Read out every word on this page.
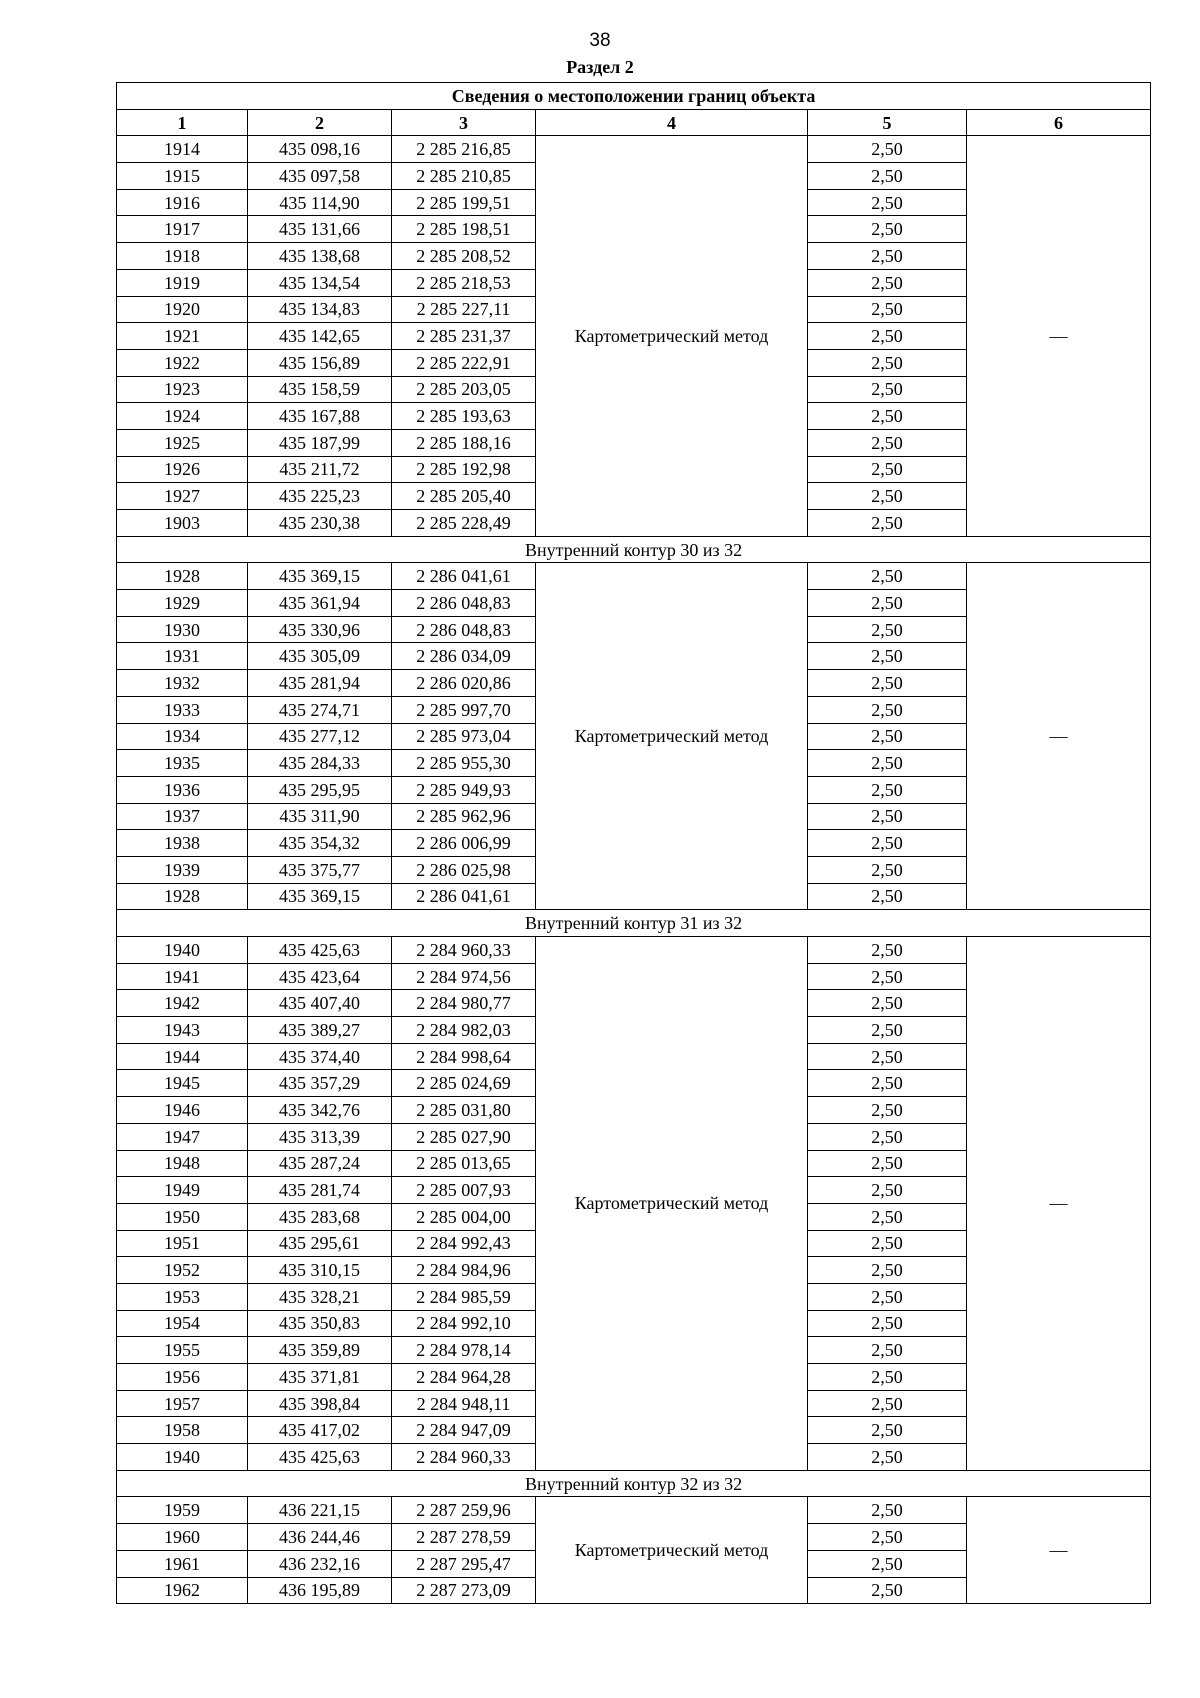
38
Раздел 2
Сведения о местоположении границ объекта					
1	2	3	4	5	6
1914	435 098,16	2 285 216,85	Картометрический метод	2,50	—
1915	435 097,58	2 285 210,85		2,50	
1916	435 114,90	2 285 199,51		2,50	
1917	435 131,66	2 285 198,51		2,50	
1918	435 138,68	2 285 208,52		2,50	
1919	435 134,54	2 285 218,53		2,50	
1920	435 134,83	2 285 227,11		2,50	
1921	435 142,65	2 285 231,37		2,50	
1922	435 156,89	2 285 222,91		2,50	
1923	435 158,59	2 285 203,05		2,50	
1924	435 167,88	2 285 193,63		2,50	
1925	435 187,99	2 285 188,16		2,50	
1926	435 211,72	2 285 192,98		2,50	
1927	435 225,23	2 285 205,40		2,50	
1903	435 230,38	2 285 228,49		2,50	
Внутренний контур 30 из 32					
1928	435 369,15	2 286 041,61	Картометрический метод	2,50	—
1929	435 361,94	2 286 048,83		2,50	
1930	435 330,96	2 286 048,83		2,50	
1931	435 305,09	2 286 034,09		2,50	
1932	435 281,94	2 286 020,86		2,50	
1933	435 274,71	2 285 997,70		2,50	
1934	435 277,12	2 285 973,04		2,50	
1935	435 284,33	2 285 955,30		2,50	
1936	435 295,95	2 285 949,93		2,50	
1937	435 311,90	2 285 962,96		2,50	
1938	435 354,32	2 286 006,99		2,50	
1939	435 375,77	2 286 025,98		2,50	
1928	435 369,15	2 286 041,61		2,50	
Внутренний контур 31 из 32					
1940	435 425,63	2 284 960,33	Картометрический метод	2,50	—
1941	435 423,64	2 284 974,56		2,50	
1942	435 407,40	2 284 980,77		2,50	
1943	435 389,27	2 284 982,03		2,50	
1944	435 374,40	2 284 998,64		2,50	
1945	435 357,29	2 285 024,69		2,50	
1946	435 342,76	2 285 031,80		2,50	
1947	435 313,39	2 285 027,90		2,50	
1948	435 287,24	2 285 013,65		2,50	
1949	435 281,74	2 285 007,93		2,50	
1950	435 283,68	2 285 004,00		2,50	
1951	435 295,61	2 284 992,43		2,50	
1952	435 310,15	2 284 984,96		2,50	
1953	435 328,21	2 284 985,59		2,50	
1954	435 350,83	2 284 992,10		2,50	
1955	435 359,89	2 284 978,14		2,50	
1956	435 371,81	2 284 964,28		2,50	
1957	435 398,84	2 284 948,11		2,50	
1958	435 417,02	2 284 947,09		2,50	
1940	435 425,63	2 284 960,33		2,50	
Внутренний контур 32 из 32					
1959	436 221,15	2 287 259,96	Картометрический метод	2,50	—
1960	436 244,46	2 287 278,59		2,50	
1961	436 232,16	2 287 295,47		2,50	
1962	436 195,89	2 287 273,09		2,50	
